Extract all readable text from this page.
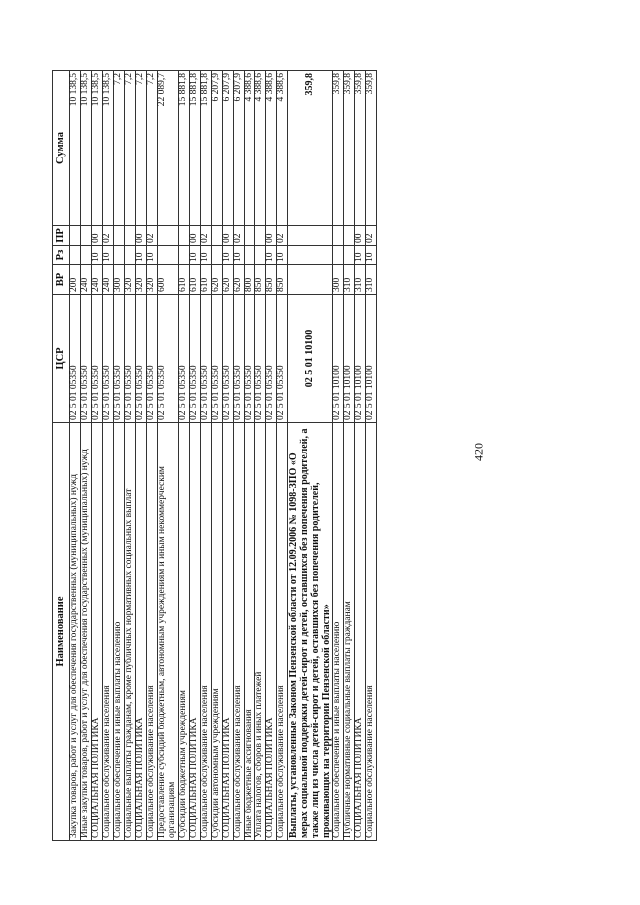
420
Наименование	ЦСР	ВР	Рз	ПР	Сумма
Закупка товаров, работ и услуг для обеспечения государственных (муниципальных) нужд	02 5 01 05350	200			10 138,5
Иные закупки товаров, работ и услуг для обеспечения государственных (муниципальных) нужд	02 5 01 05350	240			10 138,5
СОЦИАЛЬНАЯ ПОЛИТИКА	02 5 01 05350	240	10	00	10 138,5
Социальное обслуживание населения	02 5 01 05350	240	10	02	10 138,5
Социальное обеспечение и иные выплаты населению	02 5 01 05350	300			7,2
Социальные выплаты гражданам, кроме публичных нормативных социальных выплат	02 5 01 05350	320			7,2
СОЦИАЛЬНАЯ ПОЛИТИКА	02 5 01 05350	320	10	00	7,2
Социальное обслуживание населения	02 5 01 05350	320	10	02	7,2
Предоставление субсидий бюджетным, автономным учреждениям и иным некоммерческим организациям	02 5 01 05350	600			22 089,7
Субсидии бюджетным учреждениям	02 5 01 05350	610			15 881,8
СОЦИАЛЬНАЯ ПОЛИТИКА	02 5 01 05350	610	10	00	15 881,8
Социальное обслуживание населения	02 5 01 05350	610	10	02	15 881,8
Субсидии автономным учреждениям	02 5 01 05350	620			6 207,9
СОЦИАЛЬНАЯ ПОЛИТИКА	02 5 01 05350	620	10	00	6 207,9
Социальное обслуживание населения	02 5 01 05350	620	10	02	6 207,9
Иные бюджетные ассигнования	02 5 01 05350	800			4 388,6
Уплата налогов, сборов и иных платежей	02 5 01 05350	850			4 388,6
СОЦИАЛЬНАЯ ПОЛИТИКА	02 5 01 05350	850	10	00	4 388,6
Социальное обслуживание населения	02 5 01 05350	850	10	02	4 388,6
Выплаты, установленные Законом Пензенской области от 12.09.2006 № 1098-ЗПО «О мерах социальной поддержки детей-сирот и детей, оставшихся без попечения родителей, а также лиц из числа детей-сирот и детей, оставшихся без попечения родителей, проживающих на территории Пензенской области»	02 5 01 10100				359,8
Социальное обеспечение и иные выплаты населению	02 5 01 10100	300			359,8
Публичные нормативные социальные выплаты гражданам	02 5 01 10100	310			359,8
СОЦИАЛЬНАЯ ПОЛИТИКА	02 5 01 10100	310	10	00	359,8
Социальное обслуживание населения	02 5 01 10100	310	10	02	359,8
